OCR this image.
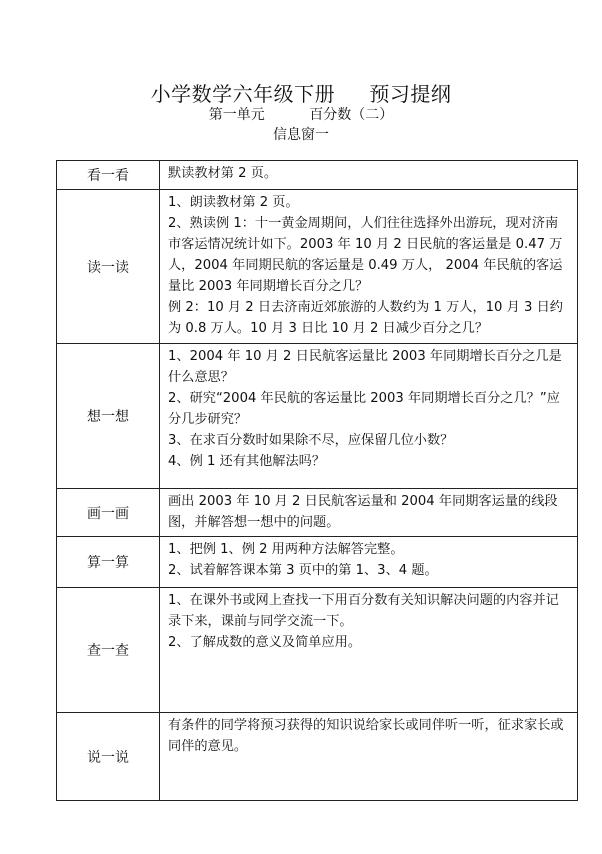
小学数学六年级下册     预习提纲
第一单元          百分数（二）
信息窗一
看一看	默读教材第 2 页。

读一读	1、朗读教材第 2 页。
2、熟读例 1：十一黄金周期间，人们往往选择外出游玩，现对济南市客运情况统计如下。2003 年 10 月 2 日民航的客运量是 0.47 万人，2004 年同期民航的客运量是 0.49 万人， 2004 年民航的客运量比 2003 年同期增长百分之几？
例 2：10 月 2 日去济南近郊旅游的人数约为 1 万人，10 月 3 日约为 0.8 万人。10 月 3 日比 10 月 2 日减少百分之几？

想一想	1、2004 年 10 月 2 日民航客运量比 2003 年同期增长百分之几是什么意思？
2、研究“2004 年民航的客运量比 2003 年同期增长百分之几？”应分几步研究？
3、在求百分数时如果除不尽，应保留几位小数？
4、例 1 还有其他解法吗？

画一画	画出 2003 年 10 月 2 日民航客运量和 2004 年同期客运量的线段图，并解答想一想中的问题。

算一算	1、把例 1、例 2 用两种方法解答完整。
2、试着解答课本第 3 页中的第 1、3、4 题。

查一查	1、在课外书或网上查找一下用百分数有关知识解决问题的内容并记录下来，课前与同学交流一下。
2、了解成数的意义及简单应用。

说一说	有条件的同学将预习获得的知识说给家长或同伴听一听，征求家长或同伴的意见。
